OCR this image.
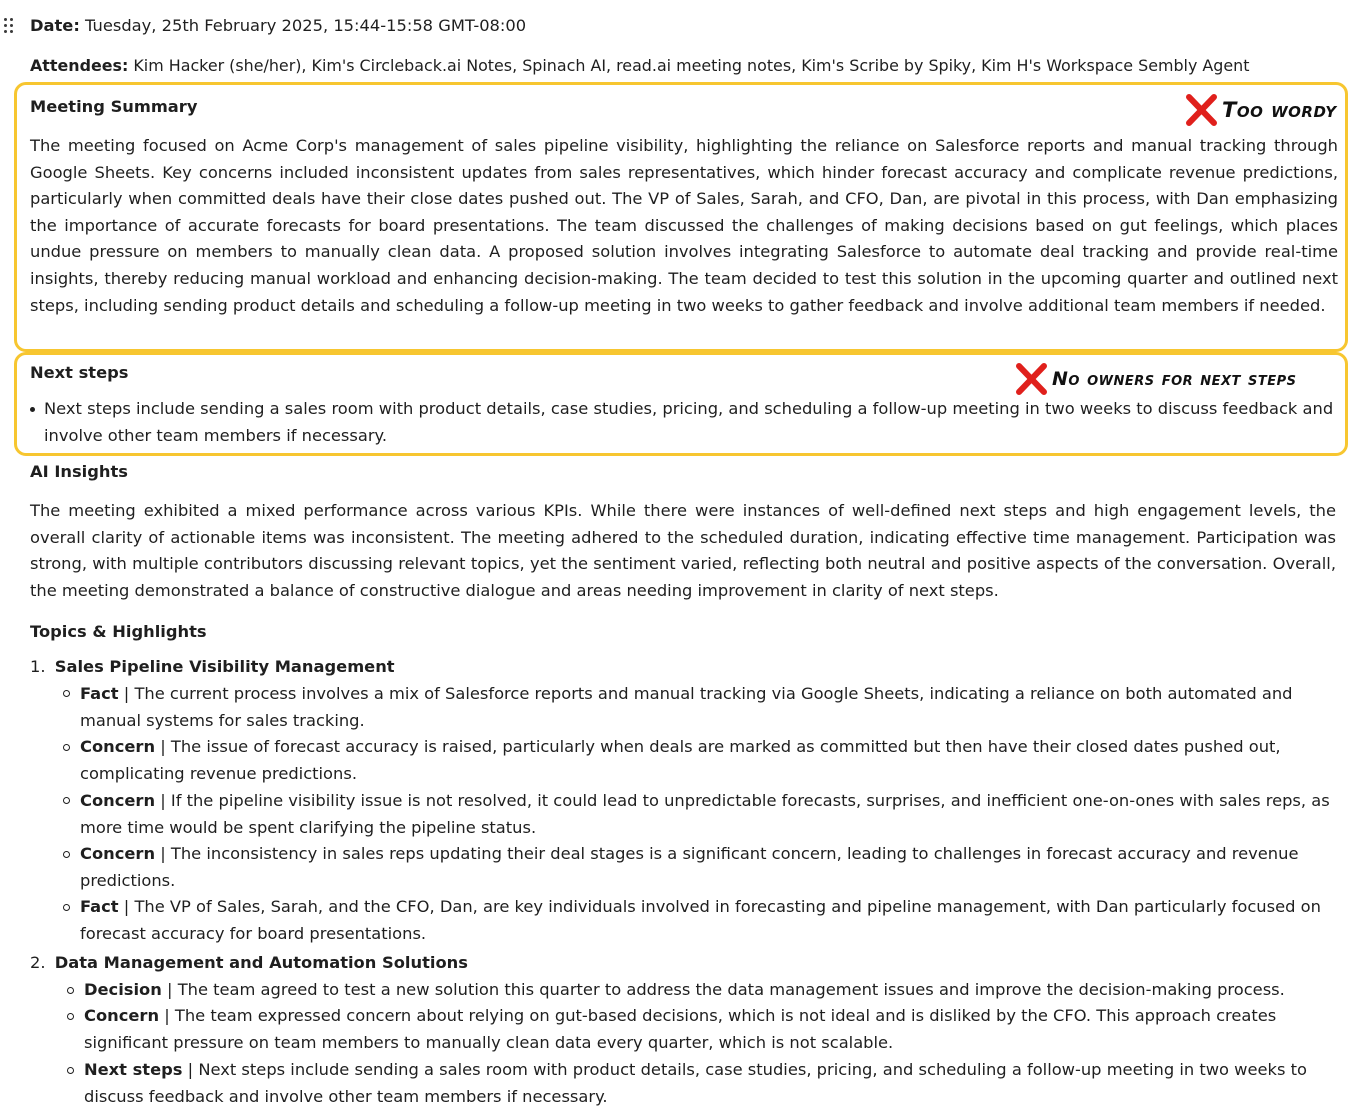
Date: Tuesday, 25th February 2025, 15:44-15:58 GMT-08:00
Attendees: Kim Hacker (she/her), Kim's Circleback.ai Notes, Spinach AI, read.ai meeting notes, Kim's Scribe by Spiky, Kim H's Workspace Sembly Agent
Meeting Summary	Too wordy

The meeting focused on Acme Corp's management of sales pipeline visibility, highlighting the reliance on Salesforce reports and manual tracking through Google Sheets. Key concerns included inconsistent updates from sales representatives, which hinder forecast accuracy and complicate revenue predictions, particularly when committed deals have their close dates pushed out. The VP of Sales, Sarah, and CFO, Dan, are pivotal in this process, with Dan emphasizing the importance of accurate forecasts for board presentations. The team discussed the challenges of making decisions based on gut feelings, which places undue pressure on members to manually clean data. A proposed solution involves integrating Salesforce to automate deal tracking and provide real-time insights, thereby reducing manual workload and enhancing decision-making. The team decided to test this solution in the upcoming quarter and outlined next steps, including sending product details and scheduling a follow-up meeting in two weeks to gather feedback and involve additional team members if needed.

Next steps	No owners for next steps

Next steps include sending a sales room with product details, case studies, pricing, and scheduling a follow-up meeting in two weeks to discuss feedback and involve other team members if necessary.

AI Insights

The meeting exhibited a mixed performance across various KPIs. While there were instances of well-defined next steps and high engagement levels, the overall clarity of actionable items was inconsistent. The meeting adhered to the scheduled duration, indicating effective time management. Participation was strong, with multiple contributors discussing relevant topics, yet the sentiment varied, reflecting both neutral and positive aspects of the conversation. Overall, the meeting demonstrated a balance of constructive dialogue and areas needing improvement in clarity of next steps.

Topics & Highlights
1. Sales Pipeline Visibility Management

Fact | The current process involves a mix of Salesforce reports and manual tracking via Google Sheets, indicating a reliance on both automated and manual systems for sales tracking.

Concern | The issue of forecast accuracy is raised, particularly when deals are marked as committed but then have their closed dates pushed out, complicating revenue predictions.

Concern | If the pipeline visibility issue is not resolved, it could lead to unpredictable forecasts, surprises, and inefficient one-on-ones with sales reps, as more time would be spent clarifying the pipeline status.

Concern | The inconsistency in sales reps updating their deal stages is a significant concern, leading to challenges in forecast accuracy and revenue predictions.

Fact | The VP of Sales, Sarah, and the CFO, Dan, are key individuals involved in forecasting and pipeline management, with Dan particularly focused on forecast accuracy for board presentations.

2. Data Management and Automation Solutions

Decision | The team agreed to test a new solution this quarter to address the data management issues and improve the decision-making process.

Concern | The team expressed concern about relying on gut-based decisions, which is not ideal and is disliked by the CFO. This approach creates significant pressure on team members to manually clean data every quarter, which is not scalable.

Next steps | Next steps include sending a sales room with product details, case studies, pricing, and scheduling a follow-up meeting in two weeks to discuss feedback and involve other team members if necessary.
